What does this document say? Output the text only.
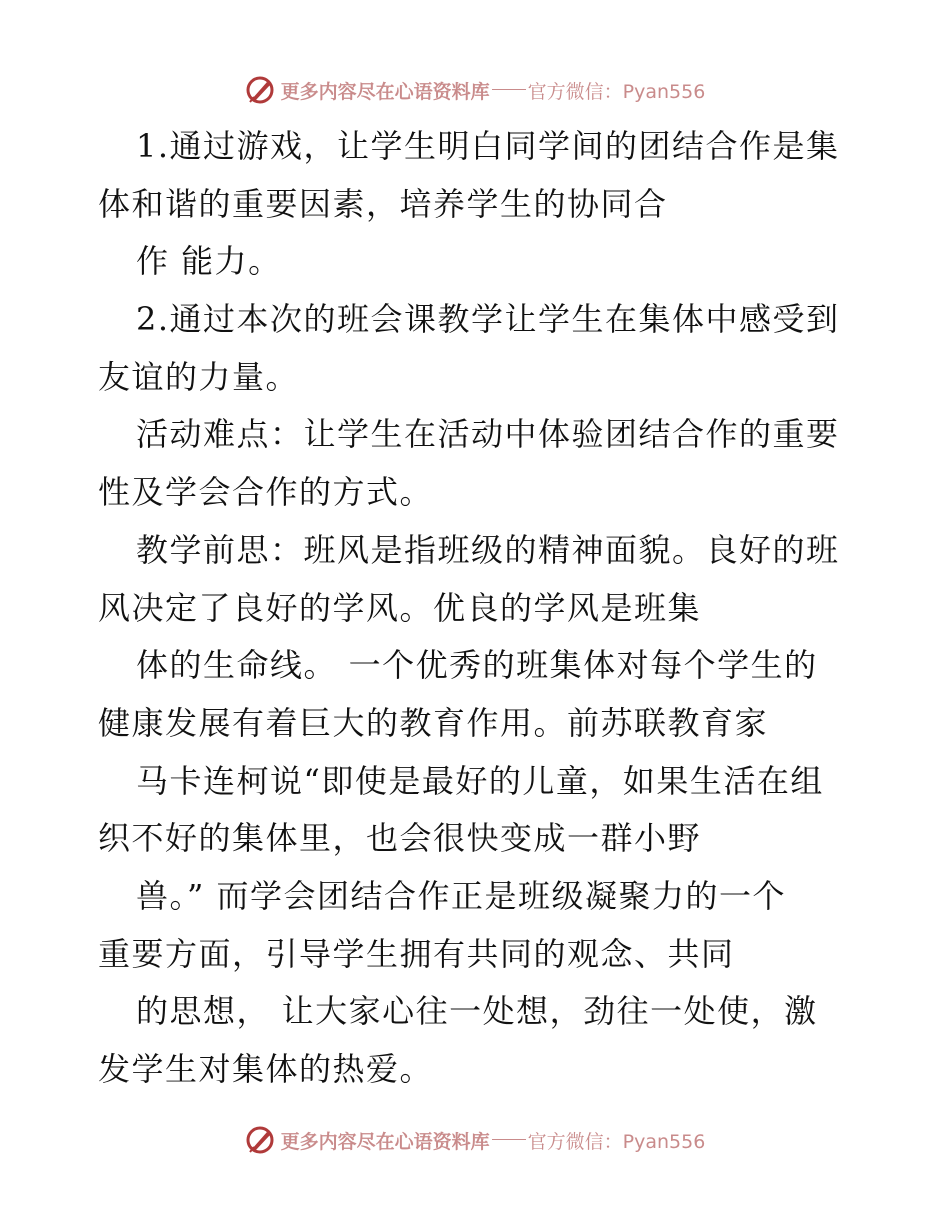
更多内容尽在心语资料库 官方微信：Pyan556
1.通过游戏，让学生明白同学间的团结合作是集
体和谐的重要因素，培养学生的协同合
作 能力。
2.通过本次的班会课教学让学生在集体中感受到
友谊的力量。
活动难点：让学生在活动中体验团结合作的重要
性及学会合作的方式。
教学前思：班风是指班级的精神面貌。良好的班
风决定了良好的学风。优良的学风是班集
体的生命线。 一个优秀的班集体对每个学生的
健康发展有着巨大的教育作用。前苏联教育家
马卡连柯说“即使是最好的儿童，如果生活在组
织不好的集体里，也会很快变成一群小野
兽。” 而学会团结合作正是班级凝聚力的一个
重要方面，引导学生拥有共同的观念、共同
的思想， 让大家心往一处想，劲往一处使，激
发学生对集体的热爱。
更多内容尽在心语资料库 官方微信：Pyan556
